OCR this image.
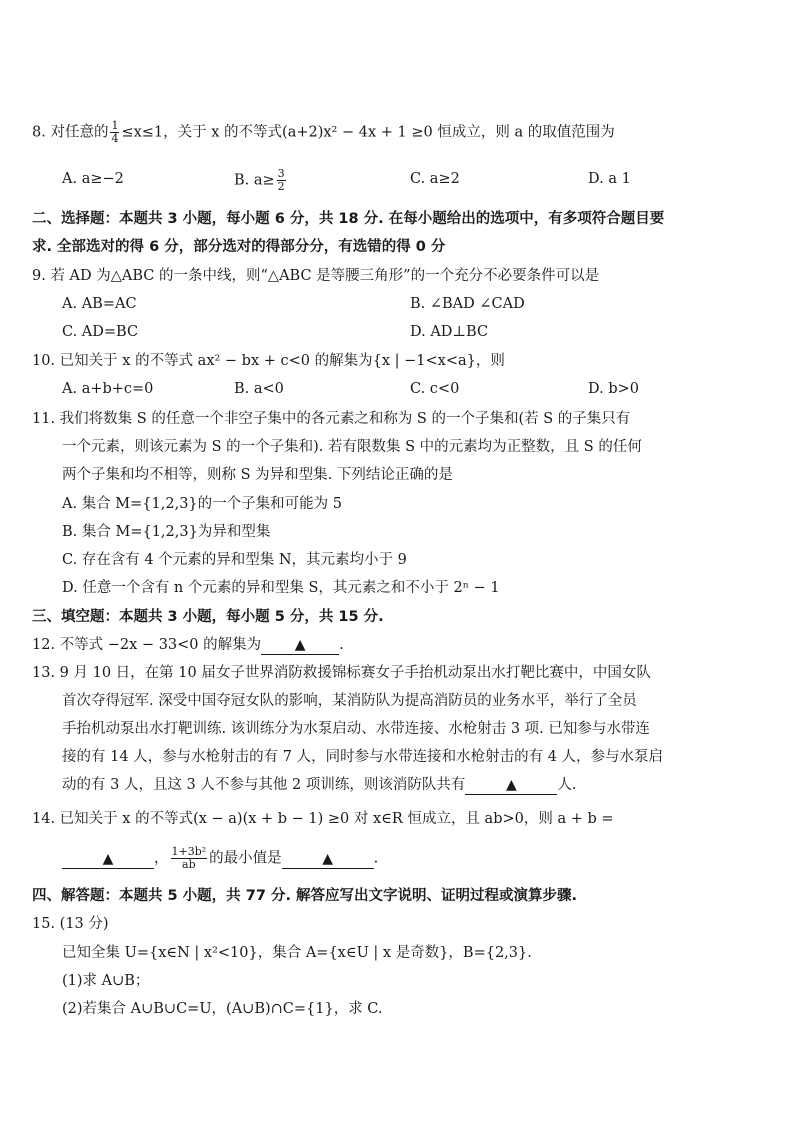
8. 对任意的 $\frac{1}{4} \le x\le 1$，关于 x 的不等式(a+2)x² − 4x + 1 ≥0 恒成立，则 a 的取值范围为
A. a≥−2	B. $a\ge \frac{3}{2}$	C. a≥2	D. a 1
二、选择题：本题共 3 小题，每小题 6 分，共 18 分. 在每小题给出的选项中，有多项符合题目要
求. 全部选对的得 6 分，部分选对的得部分分，有选错的得 0 分
9. 若 AD 为△ABC 的一条中线，则“△ABC 是等腰三角形”的一个充分不必要条件可以是
A. AB=AC	B. ∠BAD ∠CAD
C. AD=BC	D. AD⊥BC
10. 已知关于 x 的不等式 ax² − bx + c<0 的解集为{x | −1<x<a}，则
A. a+b+c=0	B. a<0	C. c<0	D. b>0
11. 我们将数集 S 的任意一个非空子集中的各元素之和称为 S 的一个子集和(若 S 的子集只有
一个元素，则该元素为 S 的一个子集和). 若有限数集 S 中的元素均为正整数，且 S 的任何
两个子集和均不相等，则称 S 为异和型集. 下列结论正确的是
A. 集合 M={1,2,3}的一个子集和可能为 5
B. 集合 M={1,2,3}为异和型集
C. 存在含有 4 个元素的异和型集 N，其元素均小于 9
D. 任意一个含有 n 个元素的异和型集 S，其元素之和不小于 2ⁿ − 1
三、填空题：本题共 3 小题，每小题 5 分，共 15 分.
12. 不等式 −2x − 33<0 的解集为 ▲ .
13. 9 月 10 日，在第 10 届女子世界消防救援锦标赛女子手抬机动泵出水打靶比赛中，中国女队
首次夺得冠军. 深受中国夺冠女队的影响，某消防队为提高消防员的业务水平，举行了全员
手抬机动泵出水打靶训练. 该训练分为水泵启动、水带连接、水枪射击 3 项. 已知参与水带连
接的有 14 人，参与水枪射击的有 7 人，同时参与水带连接和水枪射击的有 4 人，参与水泵启
动的有 3 人，且这 3 人不参与其他 2 项训练，则该消防队共有	▲	人.
14. 已知关于 x 的不等式(x − a)(x + b − 1) ≥0 对 x∈R 恒成立，且 ab>0，则 a + b =
▲	， $\frac{\text{1+3b²}}{ab}$ 的最小值是	▲	.
四、解答题：本题共 5 小题，共 77 分. 解答应写出文字说明、证明过程或演算步骤.
15. (13 分)
已知全集 U={x∈N | x²<10}，集合 A={x∈U | x 是奇数}，B={2,3}.
(1)求 A∪B；
(2)若集合 A∪B∪C=U，(A∪B)∩C={1}，求 C.
